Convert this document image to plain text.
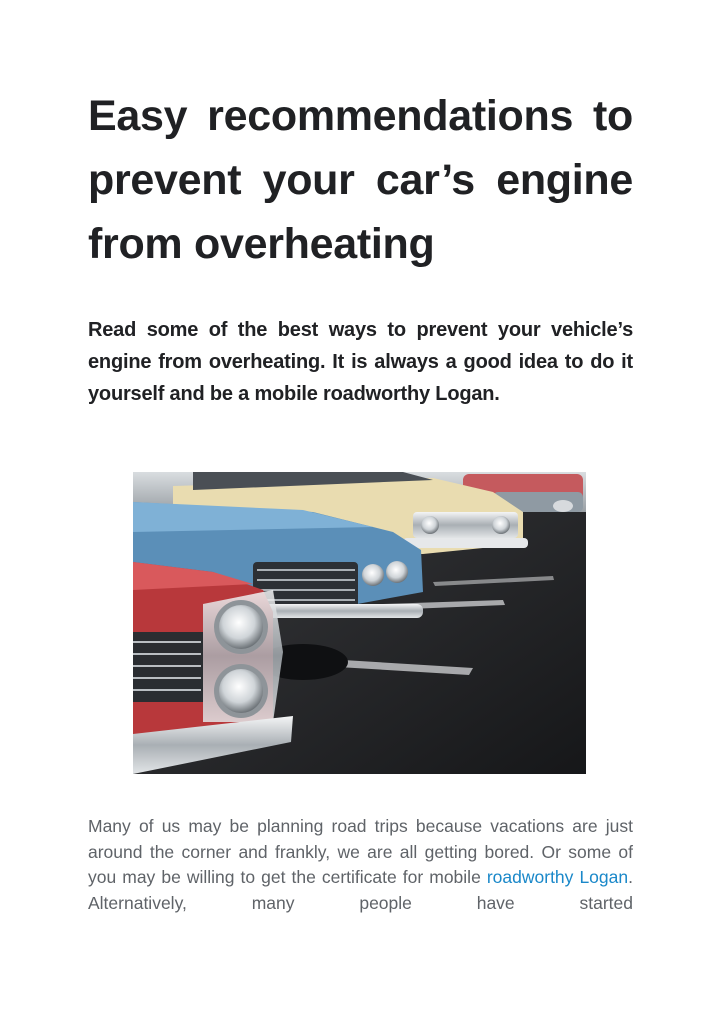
Easy recommendations to prevent your car’s engine from overheating

Read some of the best ways to prevent your vehicle’s engine from overheating. It is always a good idea to do it yourself and be a mobile roadworthy Logan.

Many of us may be planning road trips because vacations are just around the corner and frankly, we are all getting bored. Or some of you may be willing to get the certificate for mobile roadworthy Logan. Alternatively, many people have started
